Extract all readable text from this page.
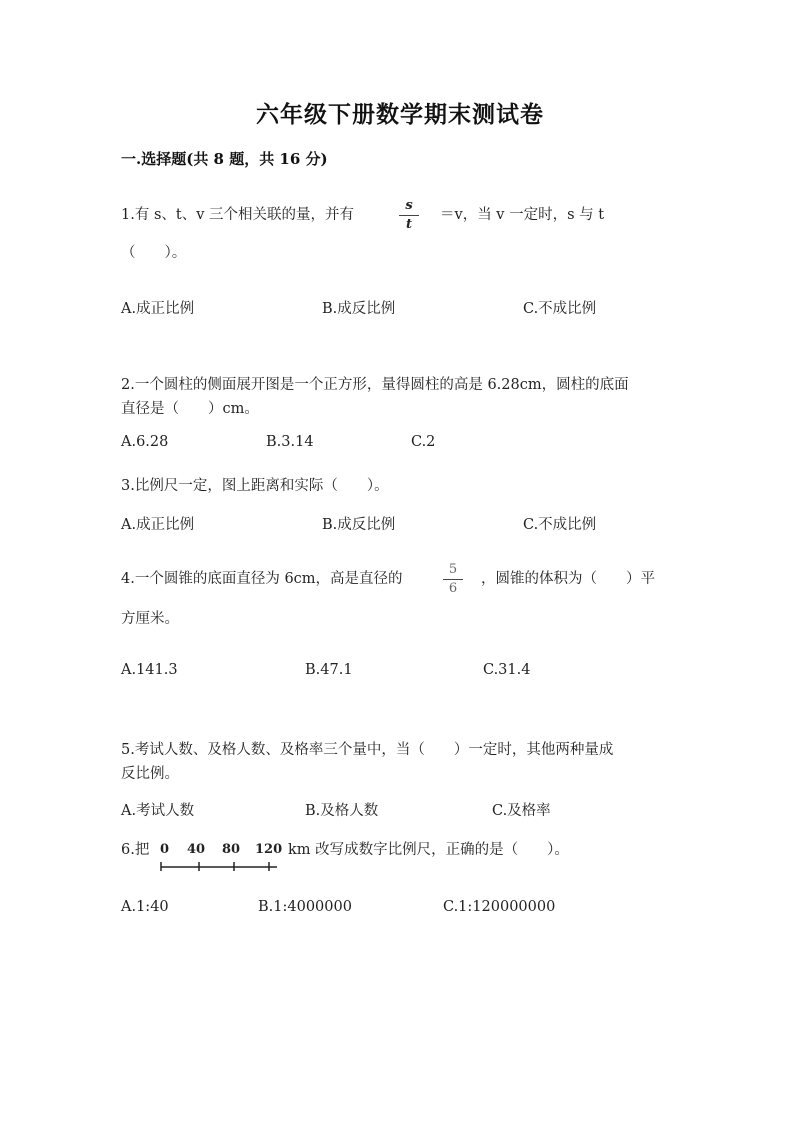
六年级下册数学期末测试卷
一.选择题(共 8 题，共 16 分)
1.有 s、t、v 三个相关联的量，并有
s
t
＝v，当 v 一定时，s 与 t
（　　）。
A.成正比例	B.成反比例	C.不成比例
2.一个圆柱的侧面展开图是一个正方形，量得圆柱的高是 6.28cm，圆柱的底面
直径是（　　）cm。
A.6.28	B.3.14	C.2
3.比例尺一定，图上距离和实际（　　）。
A.成正比例	B.成反比例	C.不成比例
4.一个圆锥的底面直径为 6cm，高是直径的
5
6
，圆锥的体积为（　　）平
方厘米。
A.141.3	B.47.1	C.31.4
5.考试人数、及格人数、及格率三个量中，当（　　）一定时，其他两种量成
反比例。
A.考试人数	B.及格人数	C.及格率
6.把 0 40 80 120 km 改写成数字比例尺，正确的是（　　）。
A.1:40	B.1:4000000	C.1:120000000
